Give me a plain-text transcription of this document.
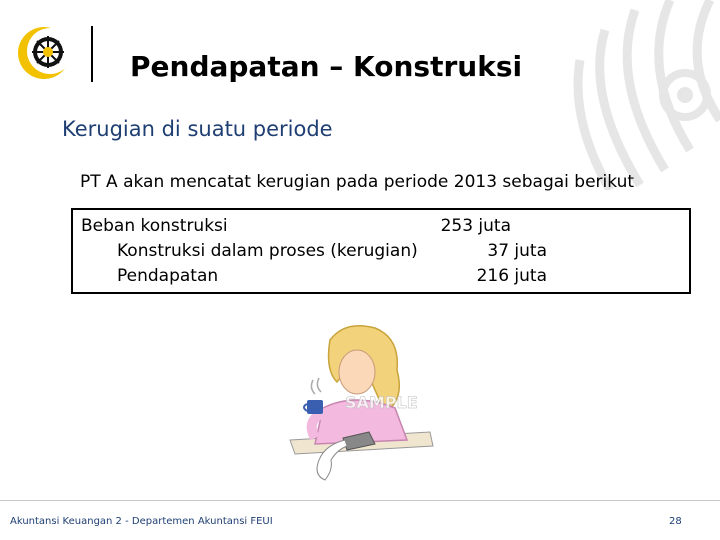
Pendapatan – Konstruksi
Kerugian di suatu periode
PT A akan mencatat kerugian pada periode 2013 sebagai berikut
Beban konstruksi	253 juta
Konstruksi dalam proses (kerugian)	37 juta
Pendapatan	216 juta
SAMPLE
Akuntansi Keuangan 2 - Departemen Akuntansi FEUI	28
